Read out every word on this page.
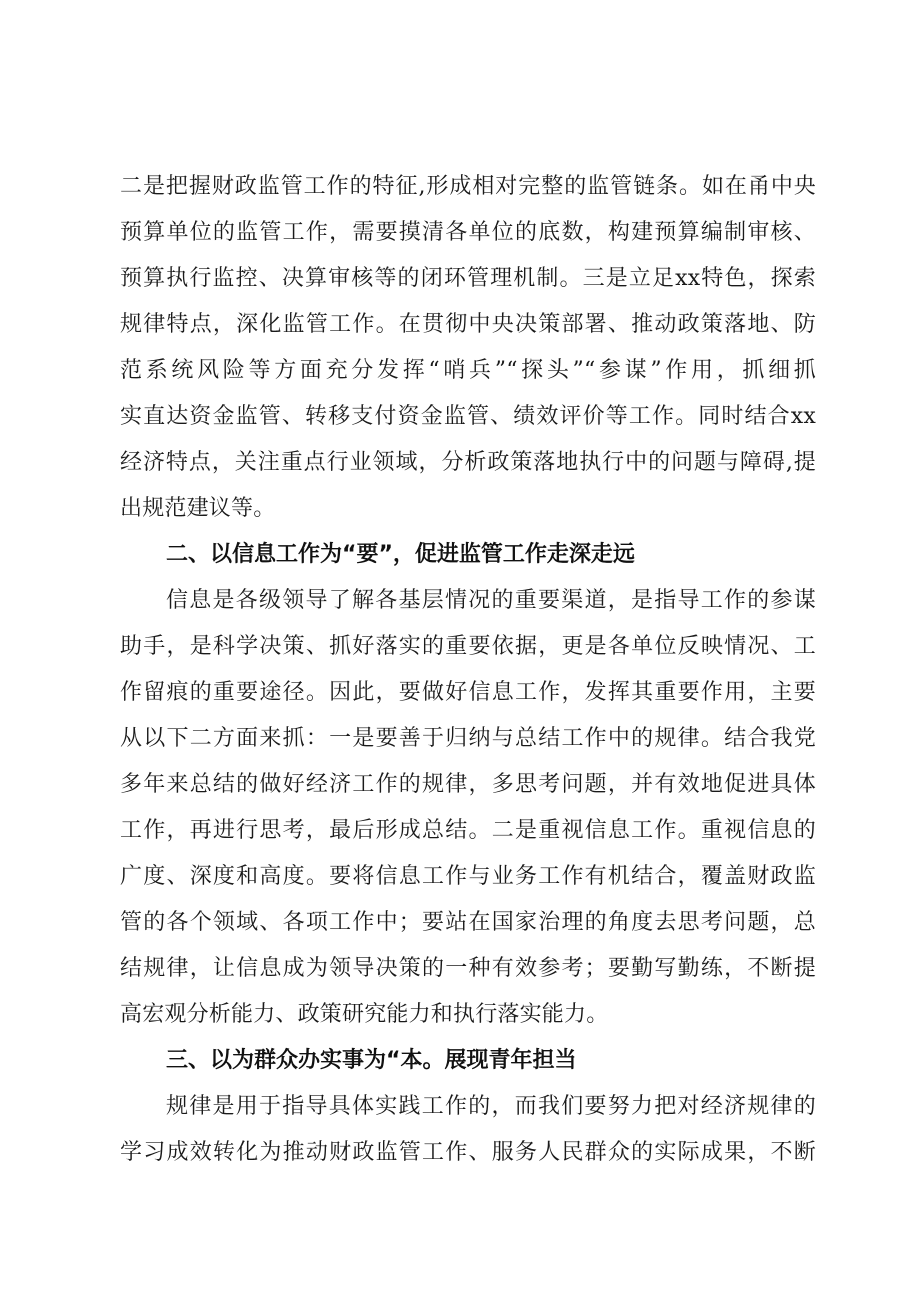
二是把握财政监管工作的特征,形成相对完整的监管链条。如在甬中央
预算单位的监管工作，需要摸清各单位的底数，构建预算编制审核、
预算执行监控、决算审核等的闭环管理机制。三是立足xx特色，探索
规律特点，深化监管工作。在贯彻中央决策部署、推动政策落地、防
范系统风险等方面充分发挥“哨兵”“探头”“参谋”作用，抓细抓
实直达资金监管、转移支付资金监管、绩效评价等工作。同时结合xx
经济特点，关注重点行业领域，分析政策落地执行中的问题与障碍,提
出规范建议等。
二、以信息工作为“要”，促进监管工作走深走远
信息是各级领导了解各基层情况的重要渠道，是指导工作的参谋
助手，是科学决策、抓好落实的重要依据，更是各单位反映情况、工
作留痕的重要途径。因此，要做好信息工作，发挥其重要作用，主要
从以下二方面来抓：一是要善于归纳与总结工作中的规律。结合我党
多年来总结的做好经济工作的规律，多思考问题，并有效地促进具体
工作，再进行思考，最后形成总结。二是重视信息工作。重视信息的
广度、深度和高度。要将信息工作与业务工作有机结合，覆盖财政监
管的各个领域、各项工作中；要站在国家治理的角度去思考问题，总
结规律，让信息成为领导决策的一种有效参考；要勤写勤练，不断提
高宏观分析能力、政策研究能力和执行落实能力。
三、以为群众办实事为“本。展现青年担当
规律是用于指导具体实践工作的，而我们要努力把对经济规律的
学习成效转化为推动财政监管工作、服务人民群众的实际成果，不断
